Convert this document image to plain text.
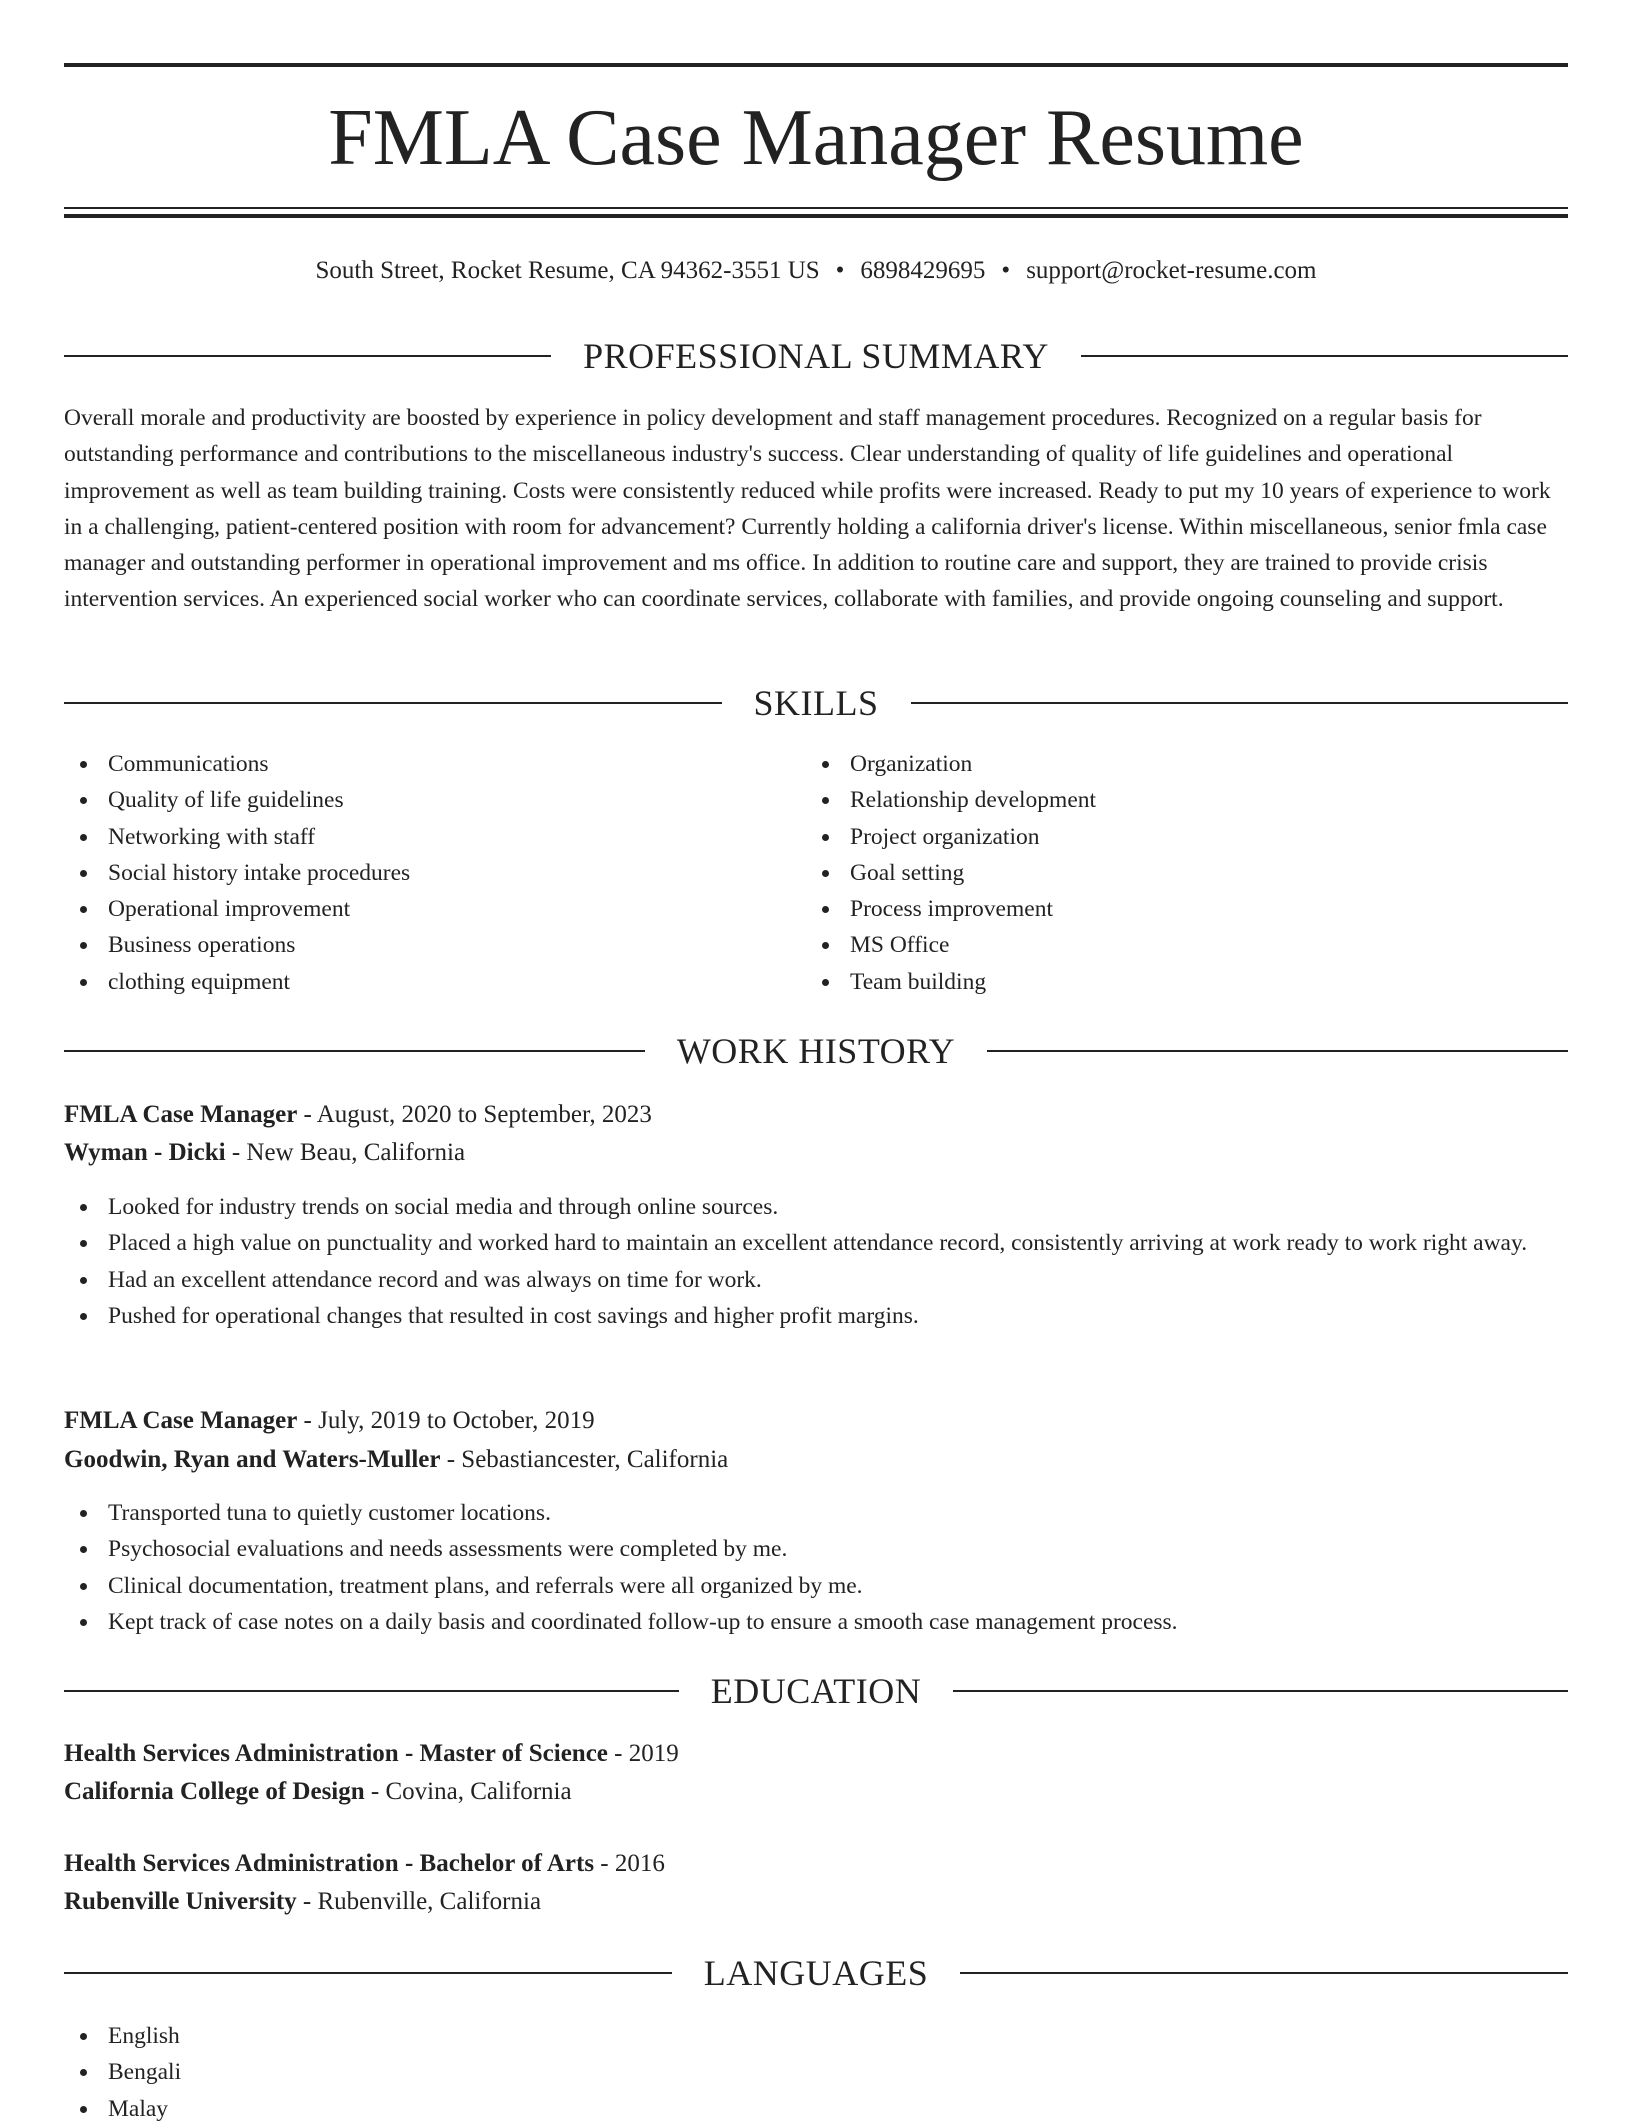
FMLA Case Manager Resume
South Street, Rocket Resume, CA 94362-3551 US • 6898429695 • support@rocket-resume.com
PROFESSIONAL SUMMARY

Overall morale and productivity are boosted by experience in policy development and staff management procedures. Recognized on a regular basis for outstanding performance and contributions to the miscellaneous industry's success. Clear understanding of quality of life guidelines and operational improvement as well as team building training. Costs were consistently reduced while profits were increased. Ready to put my 10 years of experience to work in a challenging, patient-centered position with room for advancement? Currently holding a california driver's license. Within miscellaneous, senior fmla case manager and outstanding performer in operational improvement and ms office. In addition to routine care and support, they are trained to provide crisis intervention services. An experienced social worker who can coordinate services, collaborate with families, and provide ongoing counseling and support.

SKILLS
Communications
Quality of life guidelines
Networking with staff
Social history intake procedures
Operational improvement
Business operations
clothing equipment
Organization
Relationship development
Project organization
Goal setting
Process improvement
MS Office
Team building
WORK HISTORY
FMLA Case Manager - August, 2020 to September, 2023
Wyman - Dicki - New Beau, California
Looked for industry trends on social media and through online sources.
Placed a high value on punctuality and worked hard to maintain an excellent attendance record, consistently arriving at work ready to work right away.
Had an excellent attendance record and was always on time for work.
Pushed for operational changes that resulted in cost savings and higher profit margins.
FMLA Case Manager - July, 2019 to October, 2019
Goodwin, Ryan and Waters-Muller - Sebastiancester, California
Transported tuna to quietly customer locations.
Psychosocial evaluations and needs assessments were completed by me.
Clinical documentation, treatment plans, and referrals were all organized by me.
Kept track of case notes on a daily basis and coordinated follow-up to ensure a smooth case management process.
EDUCATION
Health Services Administration - Master of Science - 2019
California College of Design - Covina, California
Health Services Administration - Bachelor of Arts - 2016
Rubenville University - Rubenville, California
LANGUAGES
English
Bengali
Malay
